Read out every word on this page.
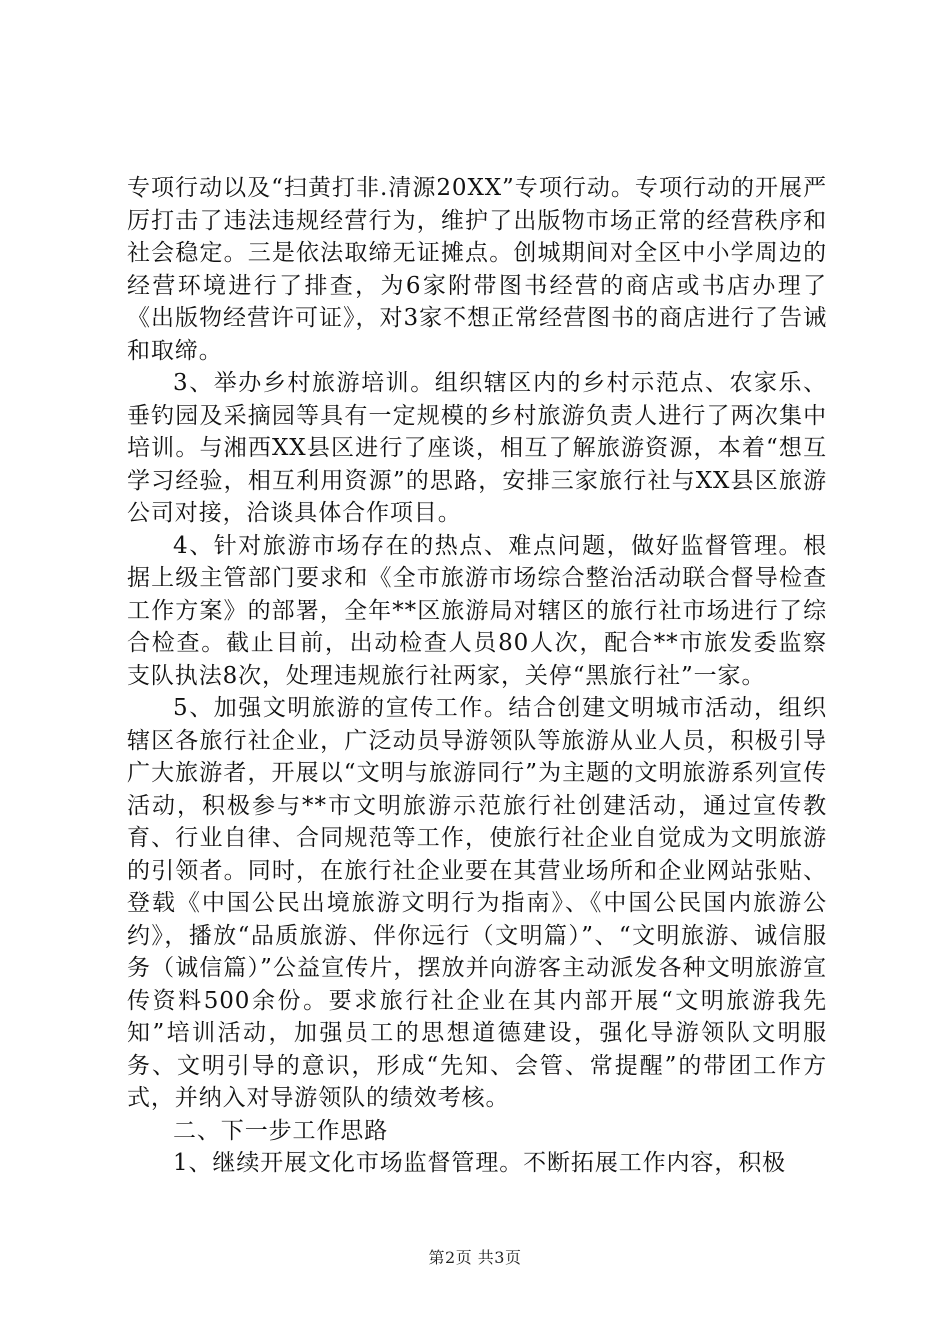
专项行动以及“扫黄打非.清源20XX”专项行动。专项行动的开展严厉打击了违法违规经营行为，维护了出版物市场正常的经营秩序和社会稳定。三是依法取缔无证摊点。创城期间对全区中小学周边的经营环境进行了排查，为6家附带图书经营的商店或书店办理了《出版物经营许可证》，对3家不想正常经营图书的商店进行了告诫和取缔。

3、举办乡村旅游培训。组织辖区内的乡村示范点、农家乐、垂钓园及采摘园等具有一定规模的乡村旅游负责人进行了两次集中培训。与湘西XX县区进行了座谈，相互了解旅游资源，本着“想互学习经验，相互利用资源”的思路，安排三家旅行社与XX县区旅游公司对接，洽谈具体合作项目。

4、针对旅游市场存在的热点、难点问题，做好监督管理。根据上级主管部门要求和《全市旅游市场综合整治活动联合督导检查工作方案》的部署，全年**区旅游局对辖区的旅行社市场进行了综合检查。截止目前，出动检查人员80人次，配合**市旅发委监察支队执法8次，处理违规旅行社两家，关停“黑旅行社”一家。

5、加强文明旅游的宣传工作。结合创建文明城市活动，组织辖区各旅行社企业，广泛动员导游领队等旅游从业人员，积极引导广大旅游者，开展以“文明与旅游同行”为主题的文明旅游系列宣传活动，积极参与**市文明旅游示范旅行社创建活动，通过宣传教育、行业自律、合同规范等工作，使旅行社企业自觉成为文明旅游的引领者。同时，在旅行社企业要在其营业场所和企业网站张贴、登载《中国公民出境旅游文明行为指南》、《中国公民国内旅游公约》，播放“品质旅游、伴你远行（文明篇）”、“文明旅游、诚信服务（诚信篇）”公益宣传片，摆放并向游客主动派发各种文明旅游宣传资料500余份。要求旅行社企业在其内部开展“文明旅游我先知”培训活动，加强员工的思想道德建设，强化导游领队文明服务、文明引导的意识，形成“先知、会管、常提醒”的带团工作方式，并纳入对导游领队的绩效考核。

二、下一步工作思路

1、继续开展文化市场监督管理。不断拓展工作内容，积极

第2页 共3页
